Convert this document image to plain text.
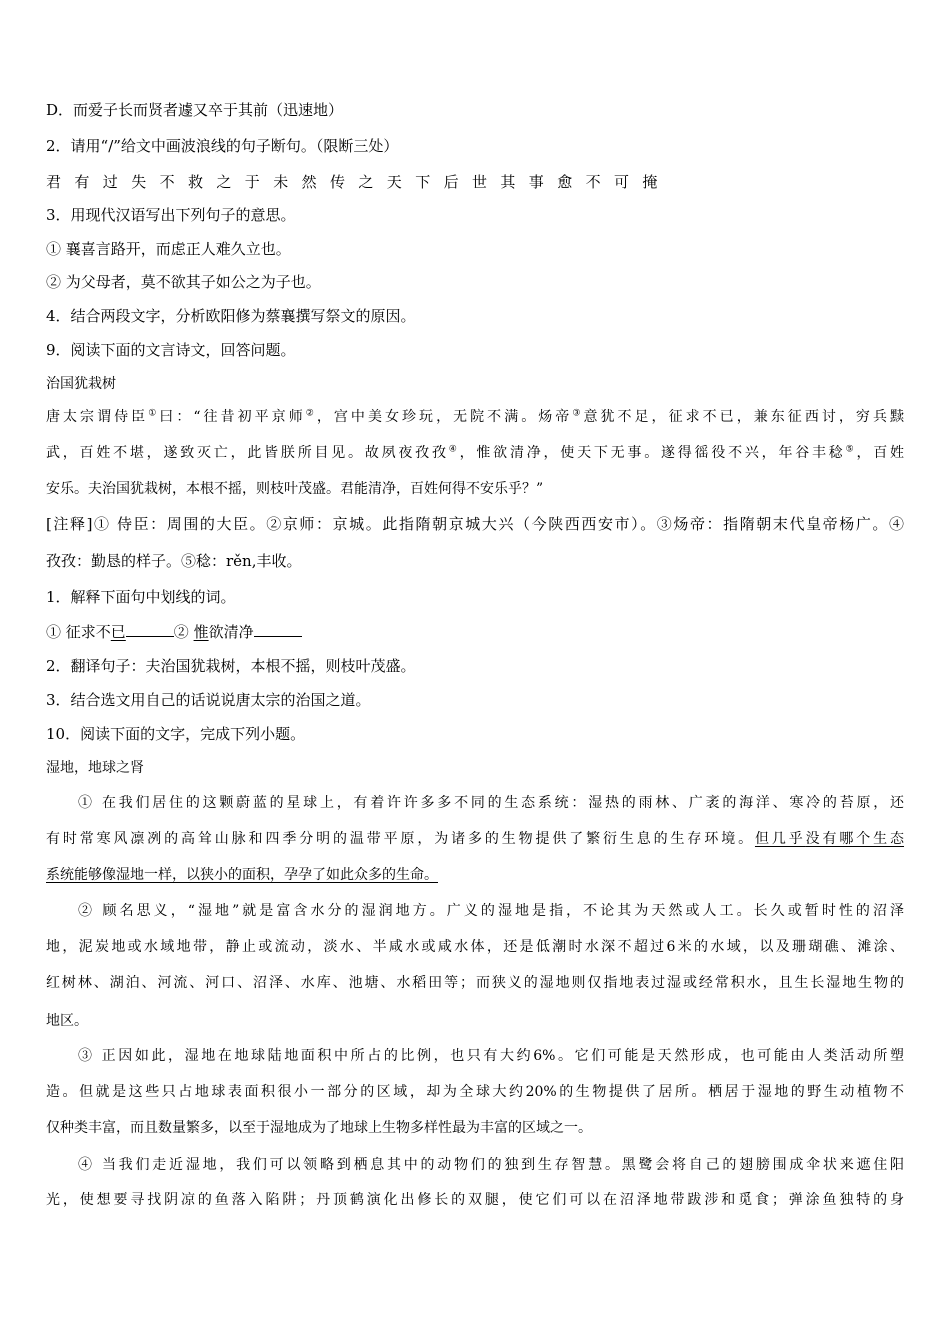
D．而爱子长而贤者遽又卒于其前（迅速地）
2．请用“/”给文中画波浪线的句子断句。（限断三处）
君有过失不救之于未然传之天下后世其事愈不可掩
3．用现代汉语写出下列句子的意思。
① 襄喜言路开，而虑正人难久立也。
② 为父母者，莫不欲其子如公之为子也。
4．结合两段文字，分析欧阳修为蔡襄撰写祭文的原因。
9．阅读下面的文言诗文，回答问题。
治国犹栽树
唐太宗谓侍臣①曰：“往昔初平京师②，宫中美女珍玩，无院不满。炀帝③意犹不足，征求不已，兼东征西讨，穷兵黩
武，百姓不堪，遂致灭亡，此皆朕所目见。故夙夜孜孜④，惟欲清净，使天下无事。遂得徭役不兴，年谷丰稔⑤，百姓
安乐。夫治国犹栽树，本根不摇，则枝叶茂盛。君能清净，百姓何得不安乐乎？”
[注释]① 侍臣：周围的大臣。②京师：京城。此指隋朝京城大兴（今陕西西安市）。③炀帝：指隋朝末代皇帝杨广。④
孜孜：勤恳的样子。⑤稔：rěn,丰收。
1．解释下面句中划线的词。
① 征求不已	② 惟欲清净
2．翻译句子：夫治国犹栽树，本根不摇，则枝叶茂盛。
3．结合选文用自己的话说说唐太宗的治国之道。
10．阅读下面的文字，完成下列小题。
湿地，地球之肾
① 在我们居住的这颗蔚蓝的星球上，有着许许多多不同的生态系统：湿热的雨林、广袤的海洋、寒冷的苔原，还
有时常寒风凛冽的高耸山脉和四季分明的温带平原，为诸多的生物提供了繁衍生息的生存环境。但几乎没有哪个生态
系统能够像湿地一样，以狭小的面积，孕孕了如此众多的生命。
② 顾名思义，“湿地”就是富含水分的湿润地方。广义的湿地是指，不论其为天然或人工。长久或暂时性的沼泽
地，泥炭地或水域地带，静止或流动，淡水、半咸水或咸水体，还是低潮时水深不超过6米的水域，以及珊瑚礁、滩涂、
红树林、湖泊、河流、河口、沼泽、水库、池塘、水稻田等；而狭义的湿地则仅指地表过湿或经常积水，且生长湿地生物的
地区。
③ 正因如此，湿地在地球陆地面积中所占的比例，也只有大约6%。它们可能是天然形成，也可能由人类活动所塑
造。但就是这些只占地球表面积很小一部分的区域，却为全球大约20%的生物提供了居所。栖居于湿地的野生动植物不
仅种类丰富，而且数量繁多，以至于湿地成为了地球上生物多样性最为丰富的区域之一。
④ 当我们走近湿地，我们可以领略到栖息其中的动物们的独到生存智慧。黑鹭会将自己的翅膀围成伞状来遮住阳
光，使想要寻找阴凉的鱼落入陷阱；丹顶鹤演化出修长的双腿，使它们可以在沼泽地带跋涉和觅食；弹涂鱼独特的身
